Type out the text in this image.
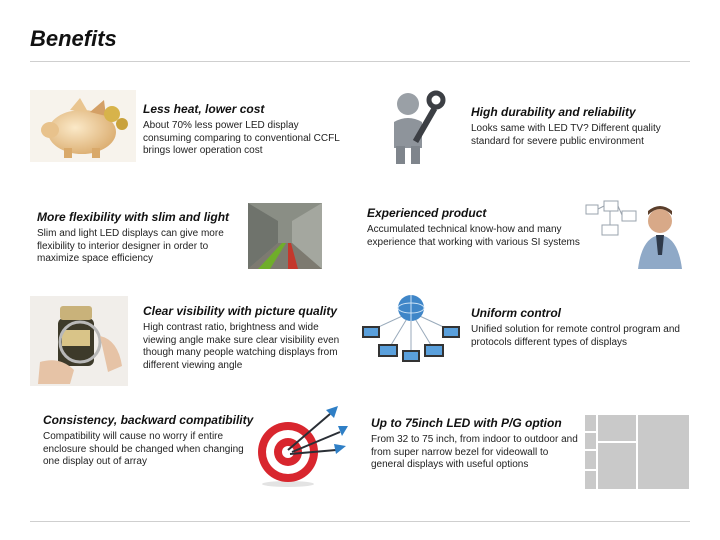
Benefits
Less heat, lower cost

About 70% less power LED display consuming comparing to conventional CCFL brings lower operation cost

High durability and reliability

Looks same with LED TV? Different quality standard for severe public environment

More flexibility with slim and light

Slim and light LED displays can give more flexibility to interior designer in order to maximize space efficiency

Experienced product

Accumulated technical know-how and many experience that working with various SI systems

Clear visibility with picture quality

High contrast ratio, brightness and wide viewing angle make sure clear visibility even though many people watching displays from different viewing angle

Uniform control

Unified solution for remote control program and protocols different types of displays

Consistency, backward compatibility

Compatibility will cause no worry if entire enclosure should be changed when changing one display out of array

Up to 75inch LED with P/G option

From 32 to 75 inch, from indoor to outdoor and from super narrow bezel for videowall to general displays with useful options
